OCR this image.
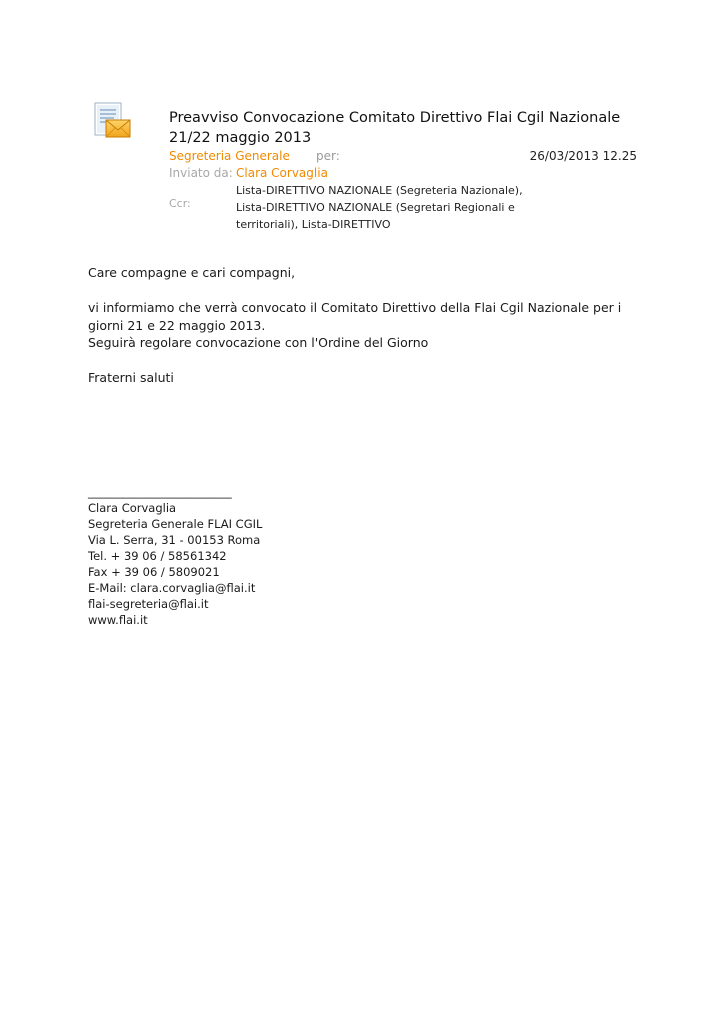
Preavviso Convocazione Comitato Direttivo Flai Cgil Nazionale 21/22 maggio 2013
Segreteria Generale per:	26/03/2013 12.25
Inviato da: Clara Corvaglia
Ccr:
Lista-DIRETTIVO NAZIONALE (Segreteria Nazionale), Lista-DIRETTIVO NAZIONALE (Segretari Regionali e territoriali), Lista-DIRETTIVO

Care compagne e cari compagni,

vi informiamo che verrà convocato il Comitato Direttivo della Flai Cgil Nazionale per i giorni 21 e 22 maggio 2013.

Seguirà regolare convocazione con l'Ordine del Giorno

Fraterni saluti

_________________________
Clara Corvaglia
Segreteria Generale FLAI CGIL
Via L. Serra, 31 - 00153 Roma
Tel. + 39 06 / 58561342
Fax + 39 06 / 5809021
E-Mail: clara.corvaglia@flai.it
flai-segreteria@flai.it
www.flai.it
